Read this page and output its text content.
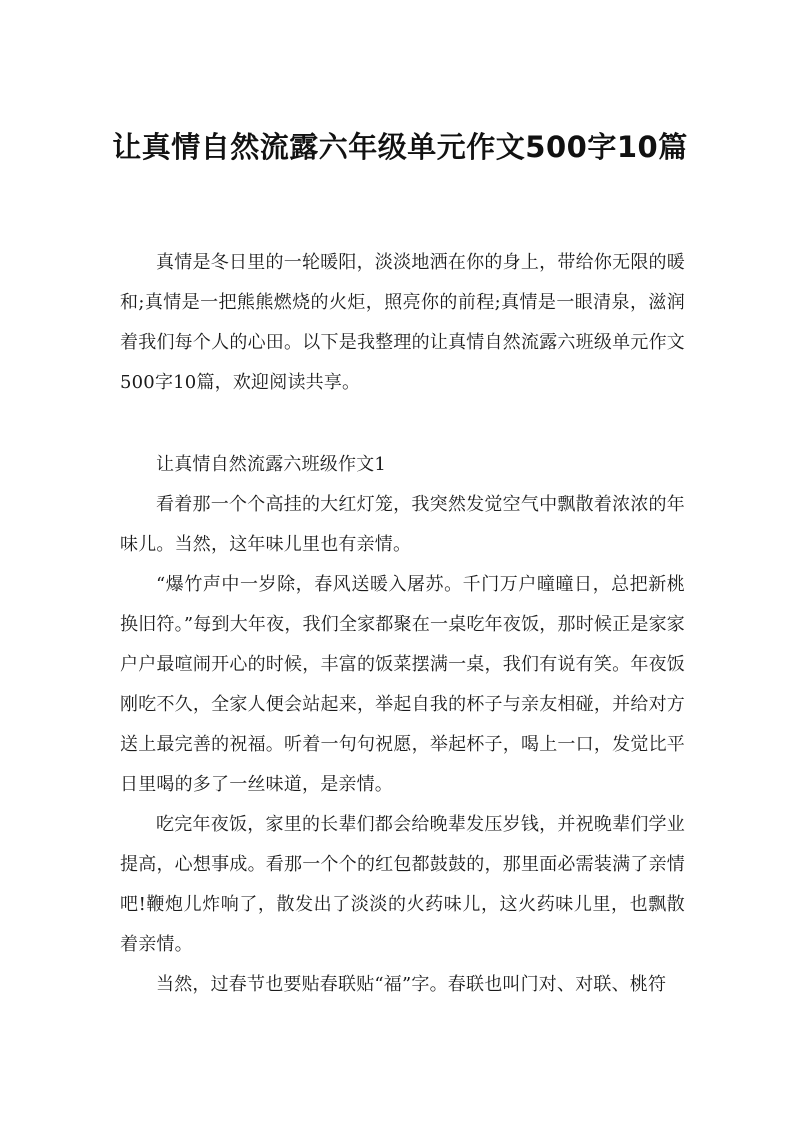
让真情自然流露六年级单元作文500字10篇

真情是冬日里的一轮暖阳，淡淡地洒在你的身上，带给你无限的暖和;真情是一把熊熊燃烧的火炬，照亮你的前程;真情是一眼清泉，滋润着我们每个人的心田。以下是我整理的让真情自然流露六班级单元作文500字10篇，欢迎阅读共享。

让真情自然流露六班级作文1

看着那一个个高挂的大红灯笼，我突然发觉空气中飘散着浓浓的年味儿。当然，这年味儿里也有亲情。

“爆竹声中一岁除，春风送暖入屠苏。千门万户曈曈日，总把新桃换旧符。”每到大年夜，我们全家都聚在一桌吃年夜饭，那时候正是家家户户最喧闹开心的时候，丰富的饭菜摆满一桌，我们有说有笑。年夜饭刚吃不久，全家人便会站起来，举起自我的杯子与亲友相碰，并给对方送上最完善的祝福。听着一句句祝愿，举起杯子，喝上一口，发觉比平日里喝的多了一丝味道，是亲情。

吃完年夜饭，家里的长辈们都会给晚辈发压岁钱，并祝晚辈们学业提高，心想事成。看那一个个的红包都鼓鼓的，那里面必需装满了亲情吧!鞭炮儿炸响了，散发出了淡淡的火药味儿，这火药味儿里，也飘散着亲情。

当然，过春节也要贴春联贴“福”字。春联也叫门对、对联、桃符
